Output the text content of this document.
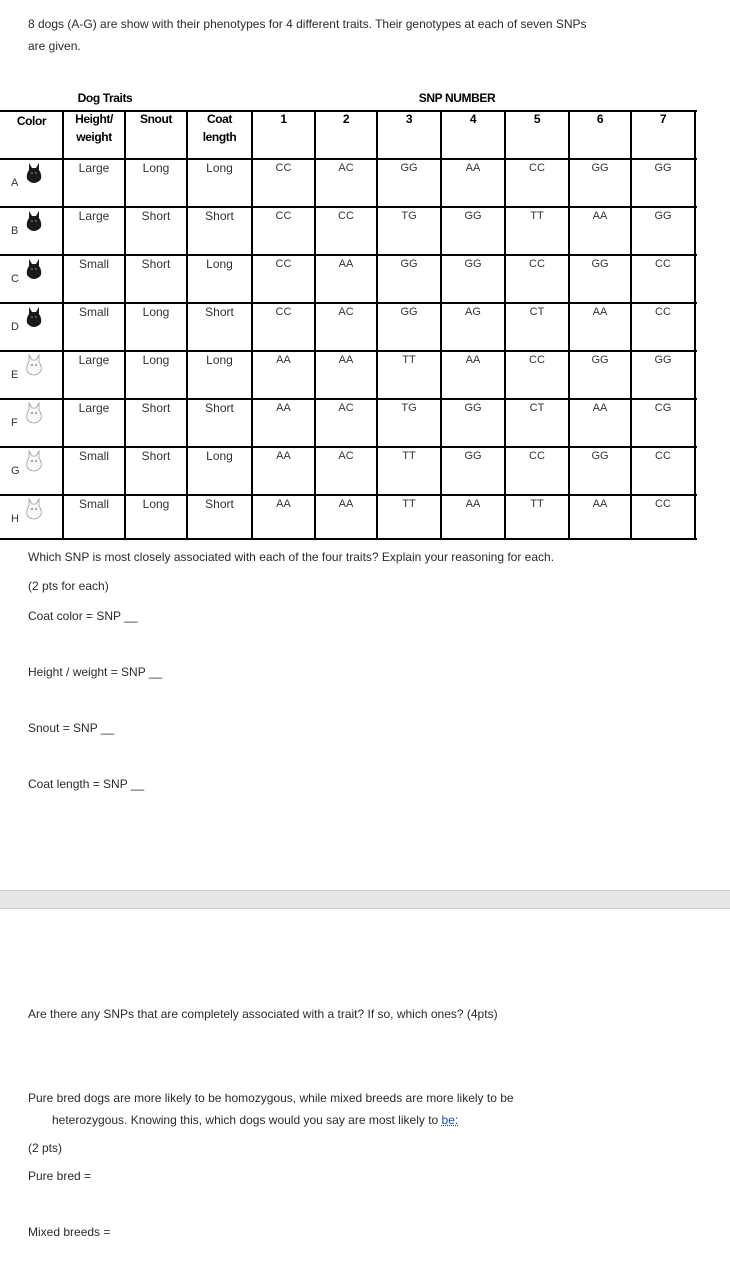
8 dogs (A-G) are show with their phenotypes for 4 different traits. Their genotypes at each of seven SNPs
are given.
Dog Traits	SNP NUMBER
Which SNP is most closely associated with each of the four traits? Explain your reasoning for each.
(2 pts for each)
Coat color = SNP __
Height / weight = SNP __
Snout = SNP __
Coat length = SNP __
Are there any SNPs that are completely associated with a trait? If so, which ones? (4pts)
Pure bred dogs are more likely to be homozygous, while mixed breeds are more likely to be
heterozygous. Knowing this, which dogs would you say are most likely to be:
(2 pts)
Pure bred =
Mixed breeds =
Color	Height/
weight
Snout	Coat
length
1	2	3	4	5	6	7
A
Large	Long	Long	CC	AC	GG	AA	CC	GG	GG
B
Large	Short	Short	CC	CC	TG	GG	TT	AA	GG
C
Small	Short	Long	CC	AA	GG	GG	CC	GG	CC
D
Small	Long	Short	CC	AC	GG	AG	CT	AA	CC
E
Large	Long	Long	AA	AA	TT	AA	CC	GG	GG
F
Large	Short	Short	AA	AC	TG	GG	CT	AA	CG
G
Small	Short	Long	AA	AC	TT	GG	CC	GG	CC
H
Small	Long	Short	AA	AA	TT	AA	TT	AA	CC
